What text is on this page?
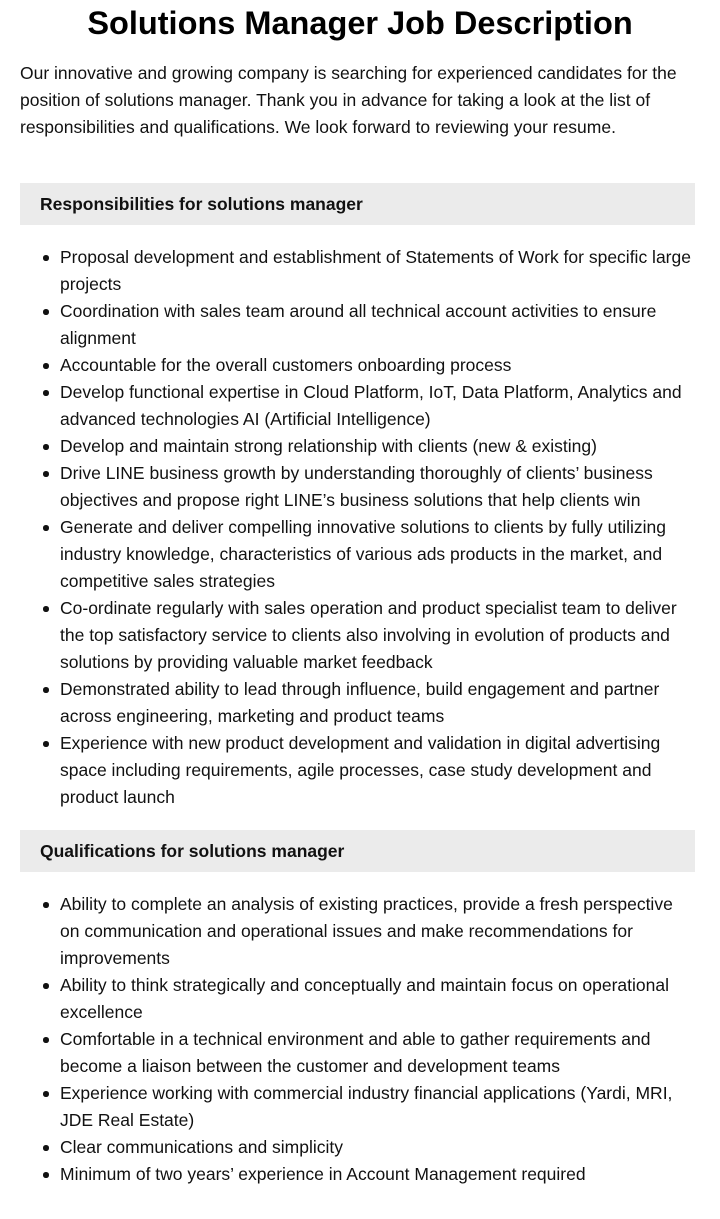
Solutions Manager Job Description

Our innovative and growing company is searching for experienced candidates for the position of solutions manager. Thank you in advance for taking a look at the list of responsibilities and qualifications. We look forward to reviewing your resume.

Responsibilities for solutions manager
Proposal development and establishment of Statements of Work for specific large projects
Coordination with sales team around all technical account activities to ensure alignment
Accountable for the overall customers onboarding process
Develop functional expertise in Cloud Platform, IoT, Data Platform, Analytics and advanced technologies AI (Artificial Intelligence)
Develop and maintain strong relationship with clients (new & existing)
Drive LINE business growth by understanding thoroughly of clients’ business objectives and propose right LINE’s business solutions that help clients win
Generate and deliver compelling innovative solutions to clients by fully utilizing industry knowledge, characteristics of various ads products in the market, and competitive sales strategies
Co-ordinate regularly with sales operation and product specialist team to deliver the top satisfactory service to clients also involving in evolution of products and solutions by providing valuable market feedback
Demonstrated ability to lead through influence, build engagement and partner across engineering, marketing and product teams
Experience with new product development and validation in digital advertising space including requirements, agile processes, case study development and product launch
Qualifications for solutions manager
Ability to complete an analysis of existing practices, provide a fresh perspective on communication and operational issues and make recommendations for improvements
Ability to think strategically and conceptually and maintain focus on operational excellence
Comfortable in a technical environment and able to gather requirements and become a liaison between the customer and development teams
Experience working with commercial industry financial applications (Yardi, MRI, JDE Real Estate)
Clear communications and simplicity
Minimum of two years’ experience in Account Management required
